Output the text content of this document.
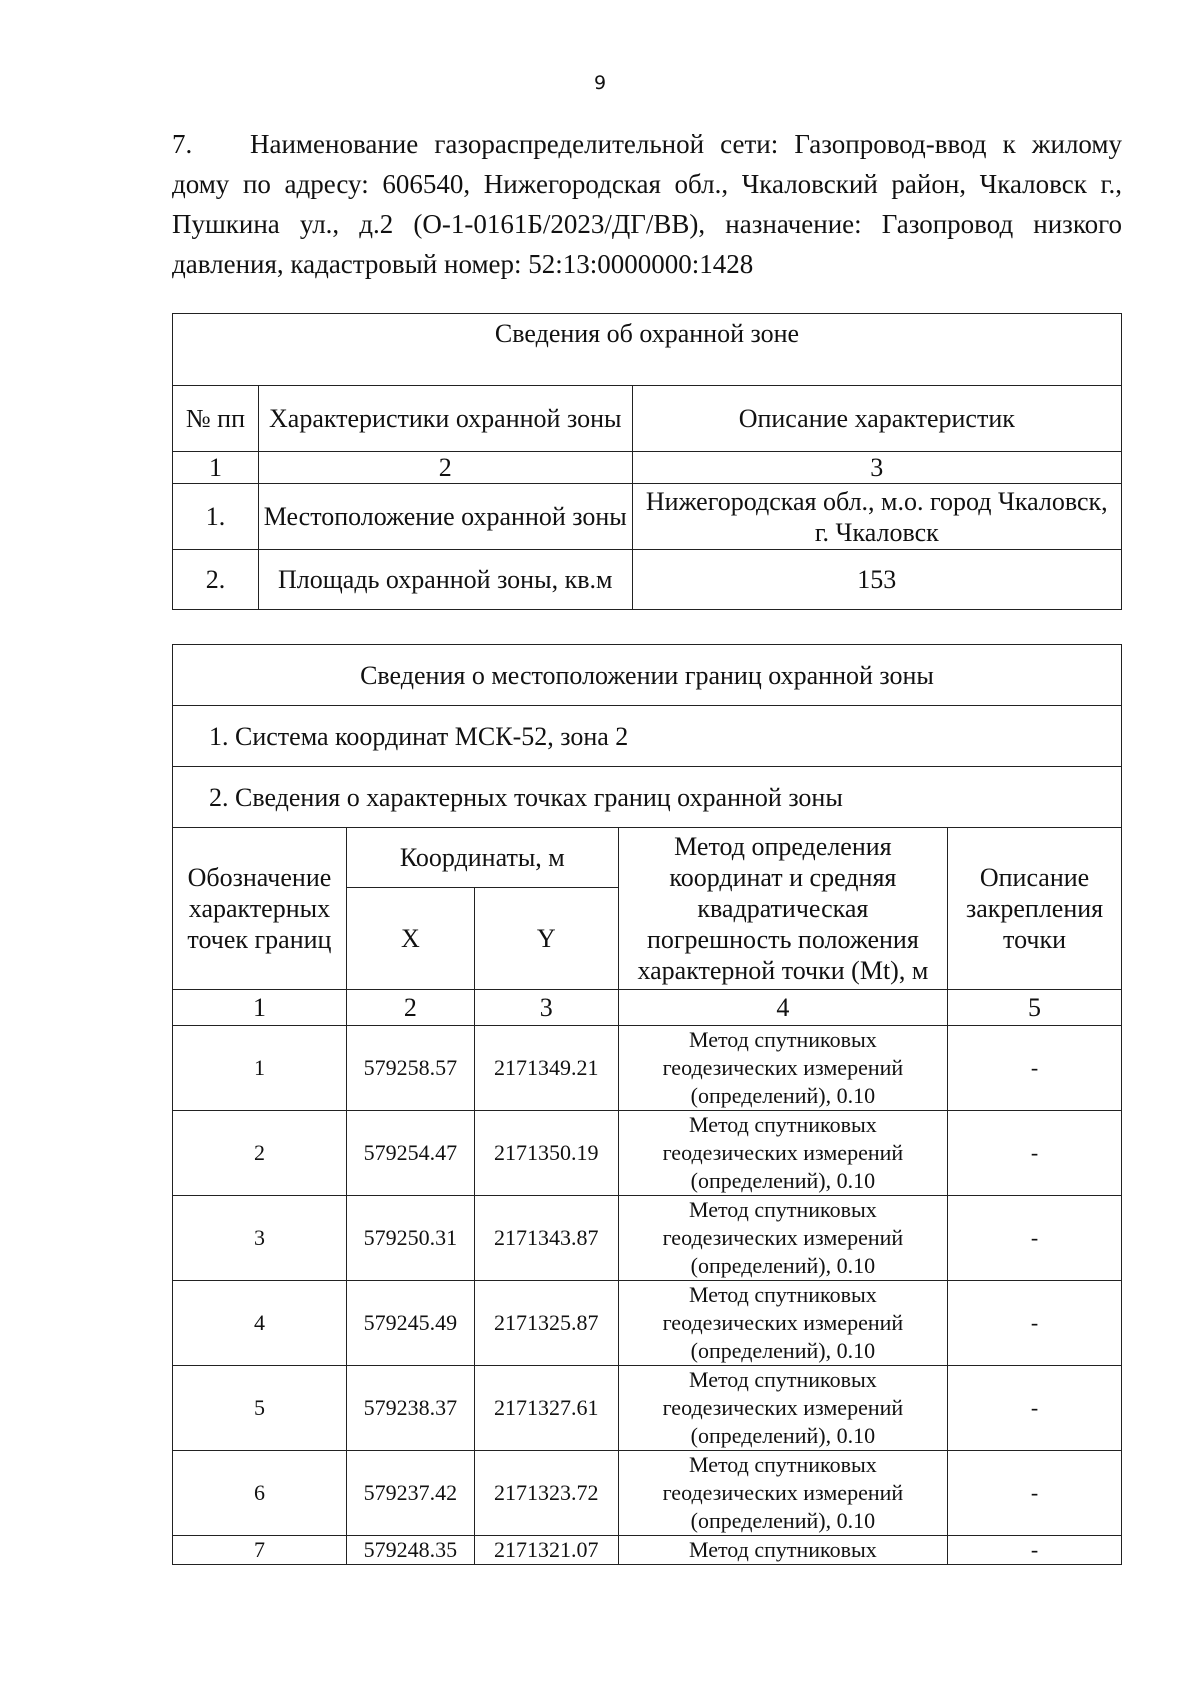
9
7. Наименование газораспределительной сети: Газопровод-ввод к жилому дому по адресу: 606540, Нижегородская обл., Чкаловский район, Чкаловск г., Пушкина ул., д.2 (О-1-0161Б/2023/ДГ/ВВ), назначение: Газопровод низкого давления, кадастровый номер: 52:13:0000000:1428
Сведения об охранной зоне		
№ пп	Характеристики охранной зоны	Описание характеристик
1	2	3
1.	Местоположение охранной зоны	Нижегородская обл., м.о. город Чкаловск, г. Чкаловск
2.	Площадь охранной зоны, кв.м	153
Сведения о местоположении границ охранной зоны				
1. Система координат МСК-52, зона 2				
2. Сведения о характерных точках границ охранной зоны				
Обозначение характерных точек границ	Координаты, м		Метод определения координат и средняя квадратическая погрешность положения характерной точки (Mt), м	Описание закрепления точки
	X	Y		
1	2	3	4	5
1	579258.57	2171349.21	Метод спутниковых геодезических измерений (определений), 0.10	-
2	579254.47	2171350.19	Метод спутниковых геодезических измерений (определений), 0.10	-
3	579250.31	2171343.87	Метод спутниковых геодезических измерений (определений), 0.10	-
4	579245.49	2171325.87	Метод спутниковых геодезических измерений (определений), 0.10	-
5	579238.37	2171327.61	Метод спутниковых геодезических измерений (определений), 0.10	-
6	579237.42	2171323.72	Метод спутниковых геодезических измерений (определений), 0.10	-
7	579248.35	2171321.07	Метод спутниковых	-
